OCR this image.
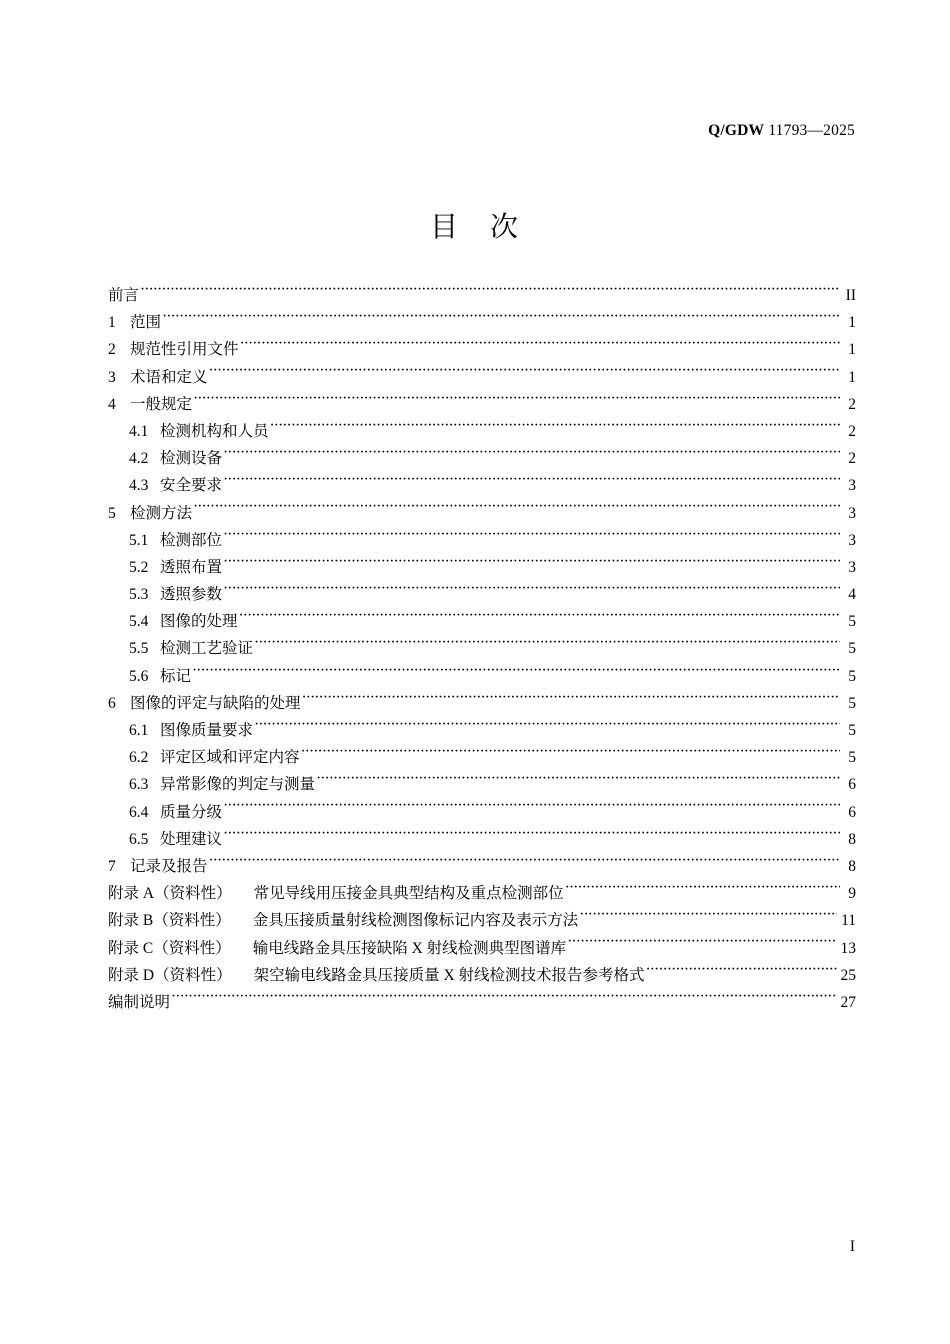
Q/GDW 11793—2025
目 次
前言 ·····	II
1 范围 ·····	1
2 规范性引用文件 ·····	1
3 术语和定义 ·····	1
4 一般规定 ·····	2
4.1 检测机构和人员 ·····	2
4.2 检测设备 ·····	2
4.3 安全要求 ·····	3
5 检测方法 ·····	3
5.1 检测部位 ·····	3
5.2 透照布置 ·····	3
5.3 透照参数 ·····	4
5.4 图像的处理 ·····	5
5.5 检测工艺验证 ·····	5
5.6 标记 ·····	5
6 图像的评定与缺陷的处理 ·····	5
6.1 图像质量要求 ·····	5
6.2 评定区域和评定内容 ·····	5
6.3 异常影像的判定与测量 ·····	6
6.4 质量分级 ·····	6
6.5 处理建议 ·····	8
7 记录及报告 ·····	8
附录 A（资料性） 常见导线用压接金具典型结构及重点检测部位 ·····	9
附录 B（资料性） 金具压接质量射线检测图像标记内容及表示方法 ·····	11
附录 C（资料性） 输电线路金具压接缺陷 X 射线检测典型图谱库 ·····	13
附录 D（资料性） 架空输电线路金具压接质量 X 射线检测技术报告参考格式 ·····	25
编制说明 ·····	27
I
